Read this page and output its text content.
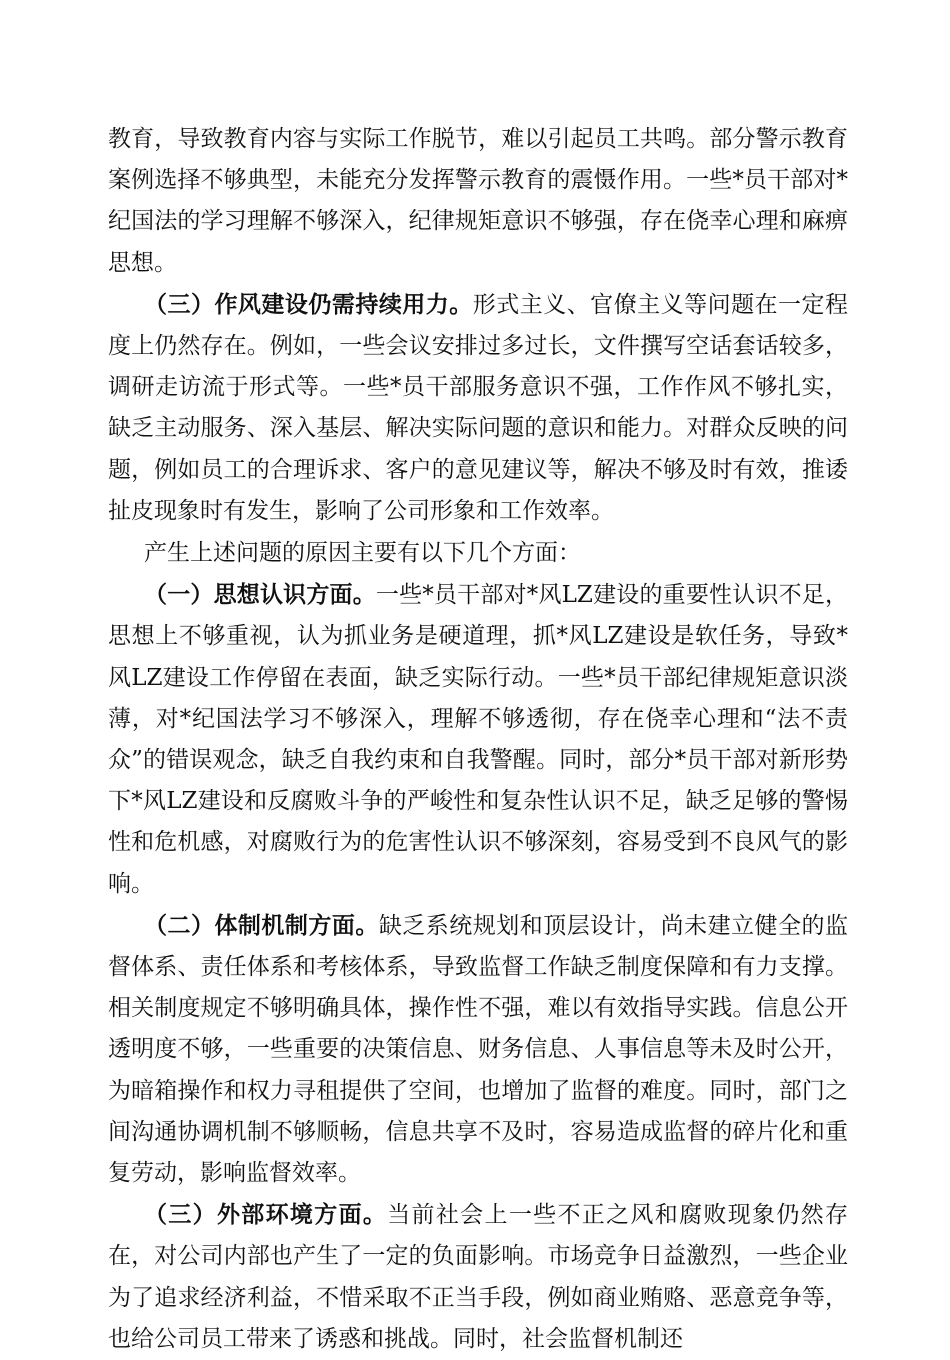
教育，导致教育内容与实际工作脱节，难以引起员工共鸣。部分警示教育案例选择不够典型，未能充分发挥警示教育的震慑作用。一些*员干部对*纪国法的学习理解不够深入，纪律规矩意识不够强，存在侥幸心理和麻痹思想。

（三）作风建设仍需持续用力。形式主义、官僚主义等问题在一定程度上仍然存在。例如，一些会议安排过多过长，文件撰写空话套话较多，调研走访流于形式等。一些*员干部服务意识不强，工作作风不够扎实，缺乏主动服务、深入基层、解决实际问题的意识和能力。对群众反映的问题，例如员工的合理诉求、客户的意见建议等，解决不够及时有效，推诿扯皮现象时有发生，影响了公司形象和工作效率。

产生上述问题的原因主要有以下几个方面：

（一）思想认识方面。一些*员干部对*风LZ建设的重要性认识不足，思想上不够重视，认为抓业务是硬道理，抓*风LZ建设是软任务，导致*风LZ建设工作停留在表面，缺乏实际行动。一些*员干部纪律规矩意识淡薄，对*纪国法学习不够深入，理解不够透彻，存在侥幸心理和“法不责众”的错误观念，缺乏自我约束和自我警醒。同时，部分*员干部对新形势下*风LZ建设和反腐败斗争的严峻性和复杂性认识不足，缺乏足够的警惕性和危机感，对腐败行为的危害性认识不够深刻，容易受到不良风气的影响。

（二）体制机制方面。缺乏系统规划和顶层设计，尚未建立健全的监督体系、责任体系和考核体系，导致监督工作缺乏制度保障和有力支撑。相关制度规定不够明确具体，操作性不强，难以有效指导实践。信息公开透明度不够，一些重要的决策信息、财务信息、人事信息等未及时公开，为暗箱操作和权力寻租提供了空间，也增加了监督的难度。同时，部门之间沟通协调机制不够顺畅，信息共享不及时，容易造成监督的碎片化和重复劳动，影响监督效率。

（三）外部环境方面。当前社会上一些不正之风和腐败现象仍然存在，对公司内部也产生了一定的负面影响。市场竞争日益激烈，一些企业为了追求经济利益，不惜采取不正当手段，例如商业贿赂、恶意竞争等，也给公司员工带来了诱惑和挑战。同时，社会监督机制还
